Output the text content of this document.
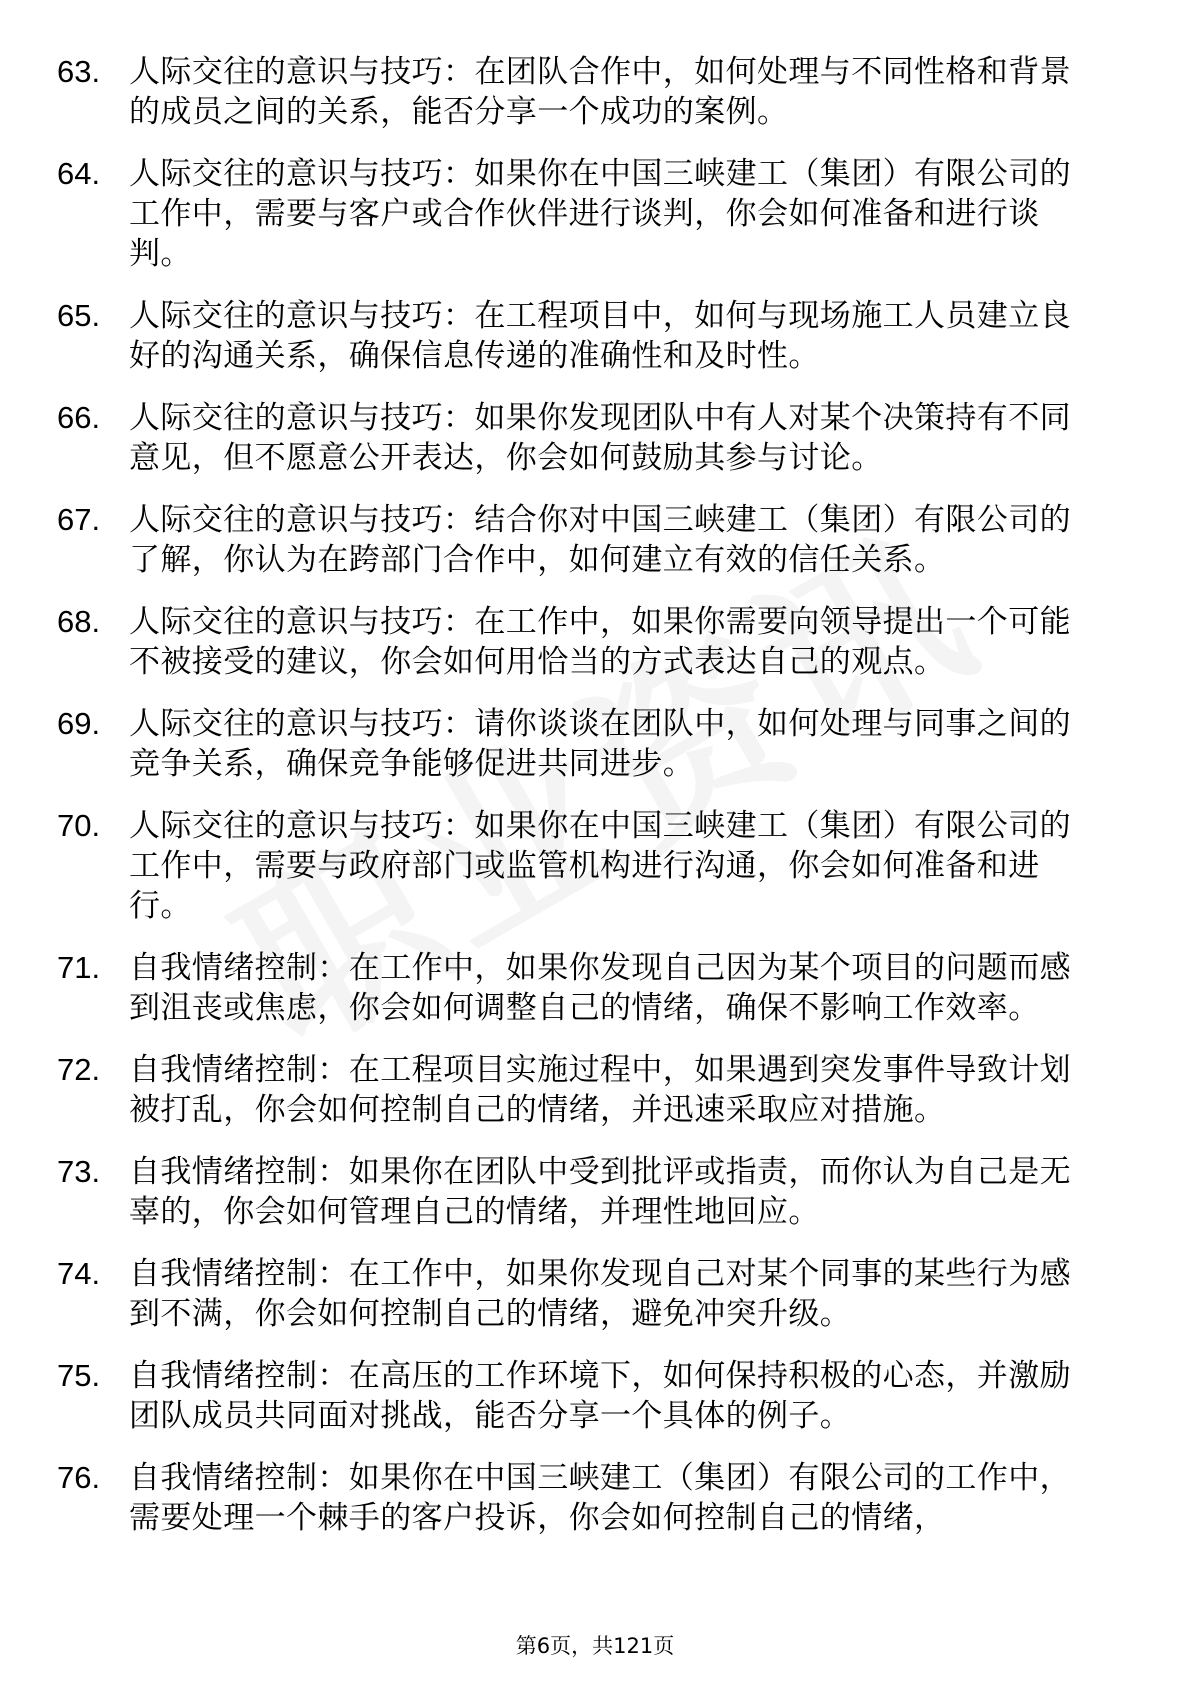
63. 人际交往的意识与技巧：在团队合作中，如何处理与不同性格和背景的成员之间的关系，能否分享一个成功的案例。
64. 人际交往的意识与技巧：如果你在中国三峡建工（集团）有限公司的工作中，需要与客户或合作伙伴进行谈判，你会如何准备和进行谈判。
65. 人际交往的意识与技巧：在工程项目中，如何与现场施工人员建立良好的沟通关系，确保信息传递的准确性和及时性。
66. 人际交往的意识与技巧：如果你发现团队中有人对某个决策持有不同意见，但不愿意公开表达，你会如何鼓励其参与讨论。
67. 人际交往的意识与技巧：结合你对中国三峡建工（集团）有限公司的了解，你认为在跨部门合作中，如何建立有效的信任关系。
68. 人际交往的意识与技巧：在工作中，如果你需要向领导提出一个可能不被接受的建议，你会如何用恰当的方式表达自己的观点。
69. 人际交往的意识与技巧：请你谈谈在团队中，如何处理与同事之间的竞争关系，确保竞争能够促进共同进步。
70. 人际交往的意识与技巧：如果你在中国三峡建工（集团）有限公司的工作中，需要与政府部门或监管机构进行沟通，你会如何准备和进行。
71. 自我情绪控制：在工作中，如果你发现自己因为某个项目的问题而感到沮丧或焦虑，你会如何调整自己的情绪，确保不影响工作效率。
72. 自我情绪控制：在工程项目实施过程中，如果遇到突发事件导致计划被打乱，你会如何控制自己的情绪，并迅速采取应对措施。
73. 自我情绪控制：如果你在团队中受到批评或指责，而你认为自己是无辜的，你会如何管理自己的情绪，并理性地回应。
74. 自我情绪控制：在工作中，如果你发现自己对某个同事的某些行为感到不满，你会如何控制自己的情绪，避免冲突升级。
75. 自我情绪控制：在高压的工作环境下，如何保持积极的心态，并激励团队成员共同面对挑战，能否分享一个具体的例子。
76. 自我情绪控制：如果你在中国三峡建工（集团）有限公司的工作中，需要处理一个棘手的客户投诉，你会如何控制自己的情绪，
第6页，共121页
